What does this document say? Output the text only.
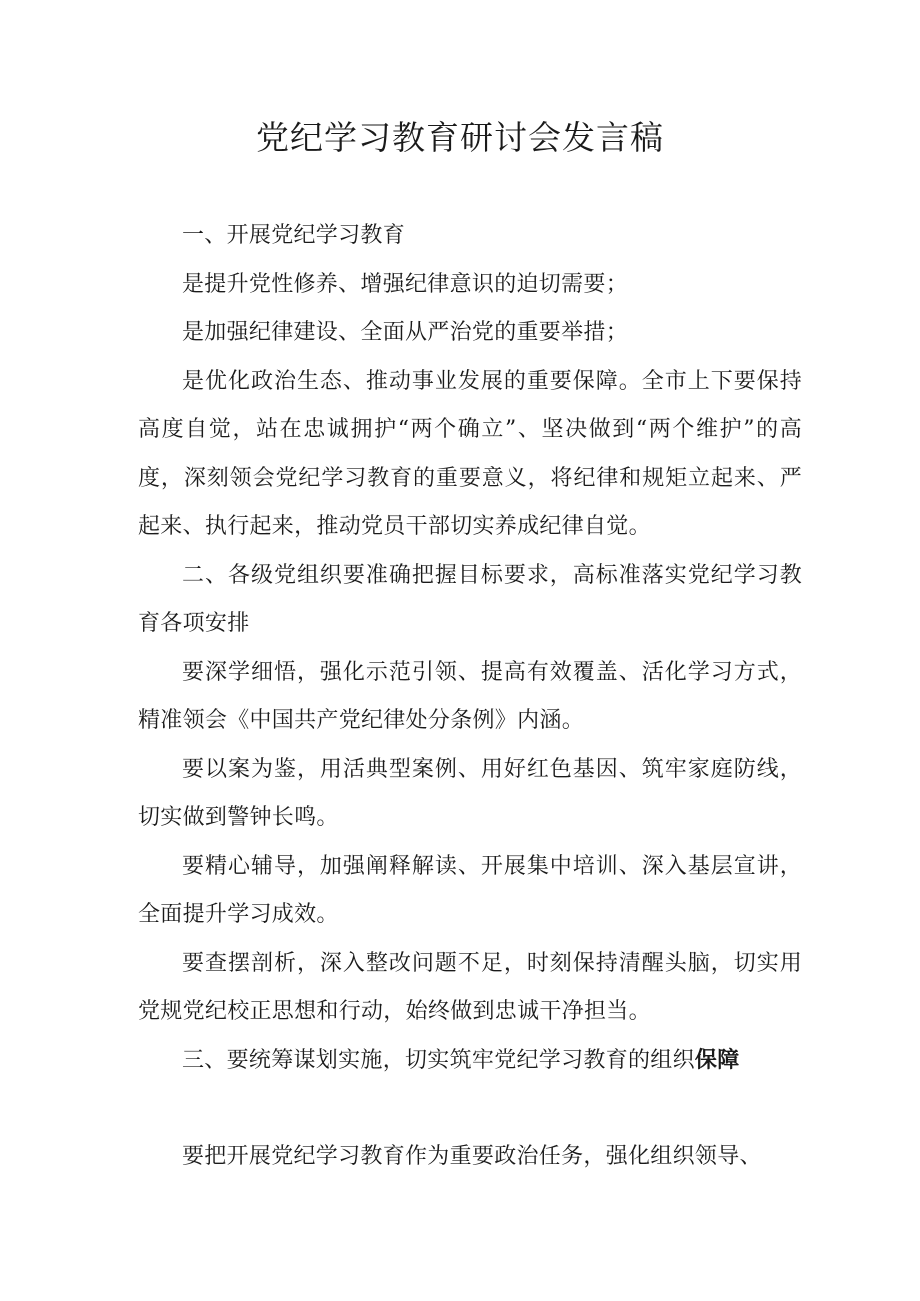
党纪学习教育研讨会发言稿

一、开展党纪学习教育

是提升党性修养、增强纪律意识的迫切需要；

是加强纪律建设、全面从严治党的重要举措；

是优化政治生态、推动事业发展的重要保障。全市上下要保持高度自觉，站在忠诚拥护“两个确立”、坚决做到“两个维护”的高度，深刻领会党纪学习教育的重要意义，将纪律和规矩立起来、严起来、执行起来，推动党员干部切实养成纪律自觉。

二、各级党组织要准确把握目标要求，高标准落实党纪学习教育各项安排

要深学细悟，强化示范引领、提高有效覆盖、活化学习方式，精准领会《中国共产党纪律处分条例》内涵。

要以案为鉴，用活典型案例、用好红色基因、筑牢家庭防线，切实做到警钟长鸣。

要精心辅导，加强阐释解读、开展集中培训、深入基层宣讲，全面提升学习成效。

要查摆剖析，深入整改问题不足，时刻保持清醒头脑，切实用党规党纪校正思想和行动，始终做到忠诚干净担当。

三、要统筹谋划实施，切实筑牢党纪学习教育的组织保障

要把开展党纪学习教育作为重要政治任务，强化组织领导、
